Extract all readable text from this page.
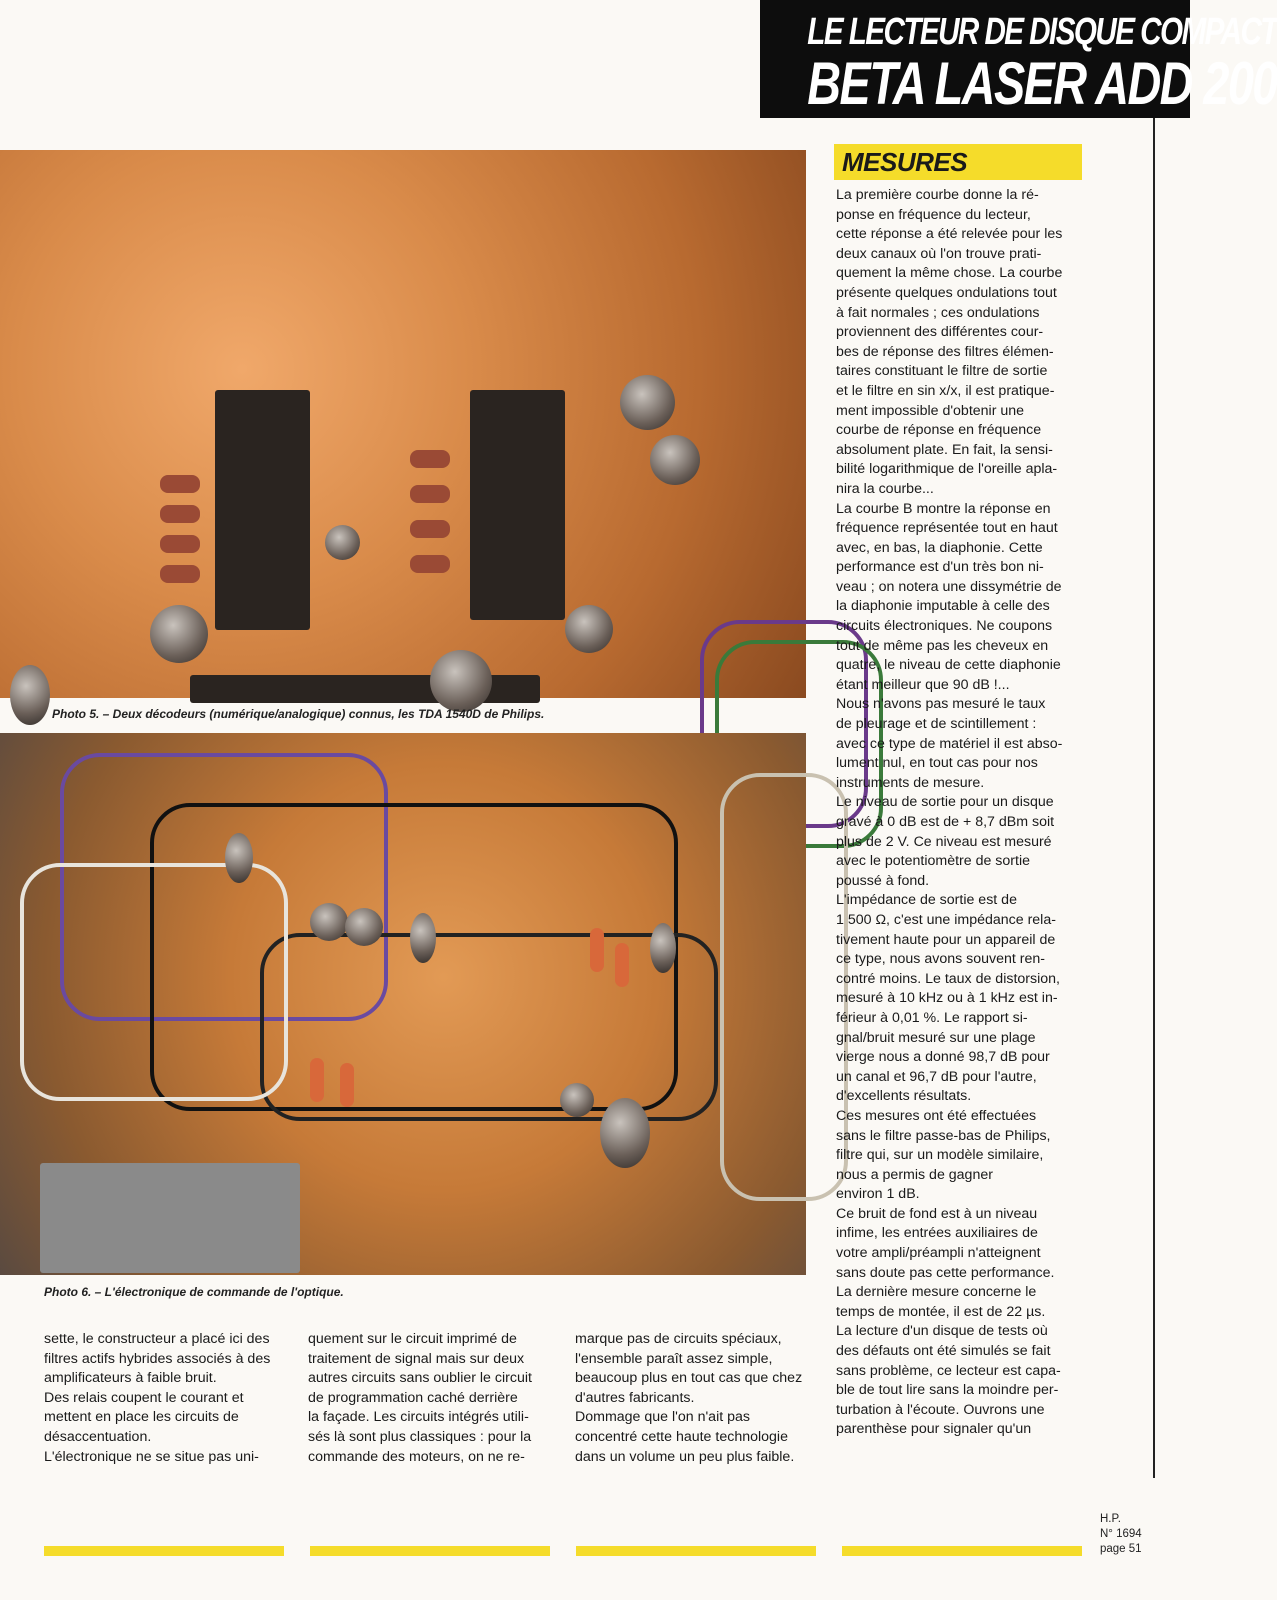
LE LECTEUR DE DISQUE COMPACT
BETA LASER ADD 200
Photo 5. – Deux décodeurs (numérique/analogique) connus, les TDA 1540D de Philips.
Photo 6. – L'électronique de commande de l'optique.
MESURES
La première courbe donne la ré-
ponse en fréquence du lecteur,
cette réponse a été relevée pour les
deux canaux où l'on trouve prati-
quement la même chose. La courbe
présente quelques ondulations tout
à fait normales ; ces ondulations
proviennent des différentes cour-
bes de réponse des filtres élémen-
taires constituant le filtre de sortie
et le filtre en sin x/x, il est pratique-
ment impossible d'obtenir une
courbe de réponse en fréquence
absolument plate. En fait, la sensi-
bilité logarithmique de l'oreille apla-
nira la courbe...
La courbe B montre la réponse en
fréquence représentée tout en haut
avec, en bas, la diaphonie. Cette
performance est d'un très bon ni-
veau ; on notera une dissymétrie de
la diaphonie imputable à celle des
circuits électroniques. Ne coupons
tout de même pas les cheveux en
quatre, le niveau de cette diaphonie
étant meilleur que 90 dB !...
Nous n'avons pas mesuré le taux
de pleurage et de scintillement :
avec ce type de matériel il est abso-
lument nul, en tout cas pour nos
instruments de mesure.
Le niveau de sortie pour un disque
gravé à 0 dB est de + 8,7 dBm soit
plus de 2 V. Ce niveau est mesuré
avec le potentiomètre de sortie
poussé à fond.
L'impédance de sortie est de
1 500 Ω, c'est une impédance rela-
tivement haute pour un appareil de
ce type, nous avons souvent ren-
contré moins. Le taux de distorsion,
mesuré à 10 kHz ou à 1 kHz est in-
férieur à 0,01 %. Le rapport si-
gnal/bruit mesuré sur une plage
vierge nous a donné 98,7 dB pour
un canal et 96,7 dB pour l'autre,
d'excellents résultats.
Ces mesures ont été effectuées
sans le filtre passe-bas de Philips,
filtre qui, sur un modèle similaire,
nous a permis de gagner
environ 1 dB.
Ce bruit de fond est à un niveau
infime, les entrées auxiliaires de
votre ampli/préampli n'atteignent
sans doute pas cette performance.
La dernière mesure concerne le
temps de montée, il est de 22 µs.
La lecture d'un disque de tests où
des défauts ont été simulés se fait
sans problème, ce lecteur est capa-
ble de tout lire sans la moindre per-
turbation à l'écoute. Ouvrons une
parenthèse pour signaler qu'un
sette, le constructeur a placé ici des
filtres actifs hybrides associés à des
amplificateurs à faible bruit.
Des relais coupent le courant et
mettent en place les circuits de
désaccentuation.
L'électronique ne se situe pas uni-
quement sur le circuit imprimé de
traitement de signal mais sur deux
autres circuits sans oublier le circuit
de programmation caché derrière
la façade. Les circuits intégrés utili-
sés là sont plus classiques : pour la
commande des moteurs, on ne re-
marque pas de circuits spéciaux,
l'ensemble paraît assez simple,
beaucoup plus en tout cas que chez
d'autres fabricants.
Dommage que l'on n'ait pas
concentré cette haute technologie
dans un volume un peu plus faible.
H.P.
N° 1694
page 51
